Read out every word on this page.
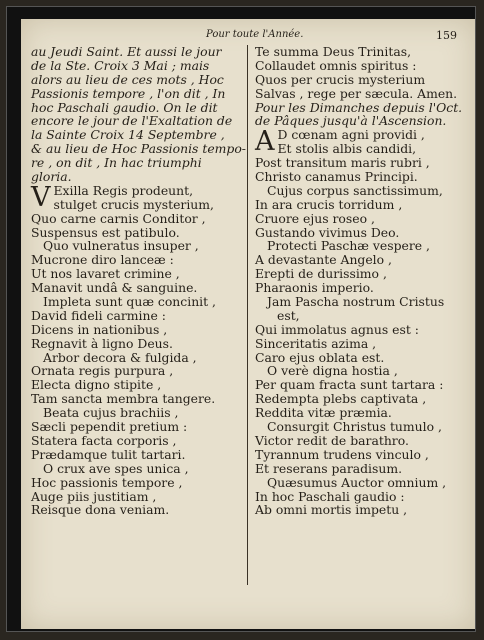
Pour toute l'Année.	159
au Jeudi Saint. Et aussi le jour
de la Ste. Croix 3 Mai ; mais
alors au lieu de ces mots , Hoc
Passionis tempore , l'on dit , In
hoc Paschali gaudio. On le dit
encore le jour de l'Exaltation de
la Sainte Croix 14 Septembre ,
& au lieu de Hoc Passionis tempo-
re , on dit , In hac triumphi
gloria.
V Exilla Regis prodeunt,
stulget crucis mysterium,
Quo carne carnis Conditor ,
Suspensus est patibulo.
Quo vulneratus insuper ,
Mucrone diro lanceæ :
Ut nos lavaret crimine ,
Manavit undâ & sanguine.
Impleta sunt quæ concinit ,
David fideli carmine :
Dicens in nationibus ,
Regnavit à ligno Deus.
Arbor decora & fulgida ,
Ornata regis purpura ,
Electa digno stipite ,
Tam sancta membra tangere.
Beata cujus brachiis ,
Sæcli pependit pretium :
Statera facta corporis ,
Prædamque tulit tartari.
O crux ave spes unica ,
Hoc passionis tempore ,
Auge piis justitiam ,
Reisque dona veniam.
Te summa Deus Trinitas,
Collaudet omnis spiritus :
Quos per crucis mysterium
Salvas , rege per sæcula. Amen.
Pour les Dimanches depuis l'Oct.
de Pâques jusqu'à l'Ascension.
A D cœnam agni providi ,
Et stolis albis candidi,
Post transitum maris rubri ,
Christo canamus Principi.
Cujus corpus sanctissimum,
In ara crucis torridum ,
Cruore ejus roseo ,
Gustando vivimus Deo.
Protecti Paschæ vespere ,
A devastante Angelo ,
Erepti de durissimo ,
Pharaonis imperio.
Jam Pascha nostrum Cristus
est,
Qui immolatus agnus est :
Sinceritatis azima ,
Caro ejus oblata est.
O verè digna hostia ,
Per quam fracta sunt tartara :
Redempta plebs captivata ,
Reddita vitæ præmia.
Consurgit Christus tumulo ,
Victor redit de barathro.
Tyrannum trudens vinculo ,
Et reserans paradisum.
Quæsumus Auctor omnium ,
In hoc Paschali gaudio :
Ab omni mortis impetu ,
